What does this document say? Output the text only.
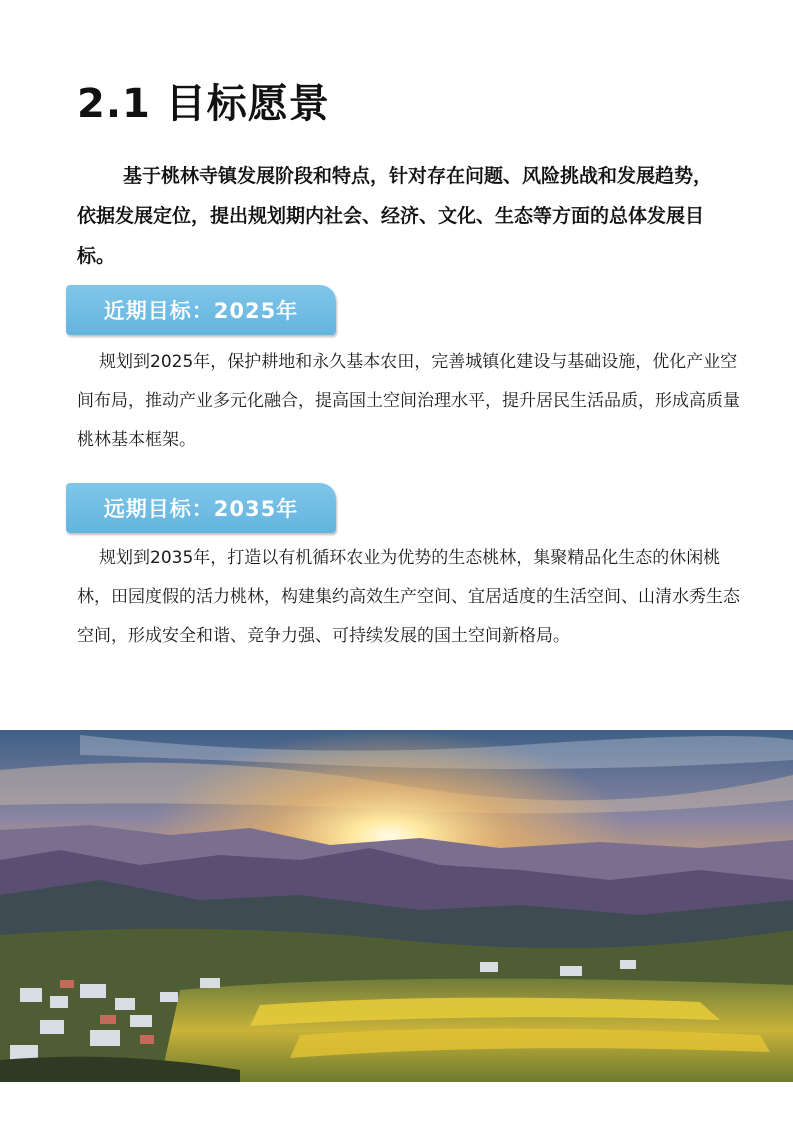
2.1 目标愿景

基于桃林寺镇发展阶段和特点，针对存在问题、风险挑战和发展趋势，依据发展定位，提出规划期内社会、经济、文化、生态等方面的总体发展目标。

近期目标：2025年

规划到2025年，保护耕地和永久基本农田，完善城镇化建设与基础设施，优化产业空间布局，推动产业多元化融合，提高国土空间治理水平，提升居民生活品质，形成高质量桃林基本框架。

远期目标：2035年

规划到2035年，打造以有机循环农业为优势的生态桃林，集聚精品化生态的休闲桃林，田园度假的活力桃林，构建集约高效生产空间、宜居适度的生活空间、山清水秀生态空间，形成安全和谐、竞争力强、可持续发展的国土空间新格局。
